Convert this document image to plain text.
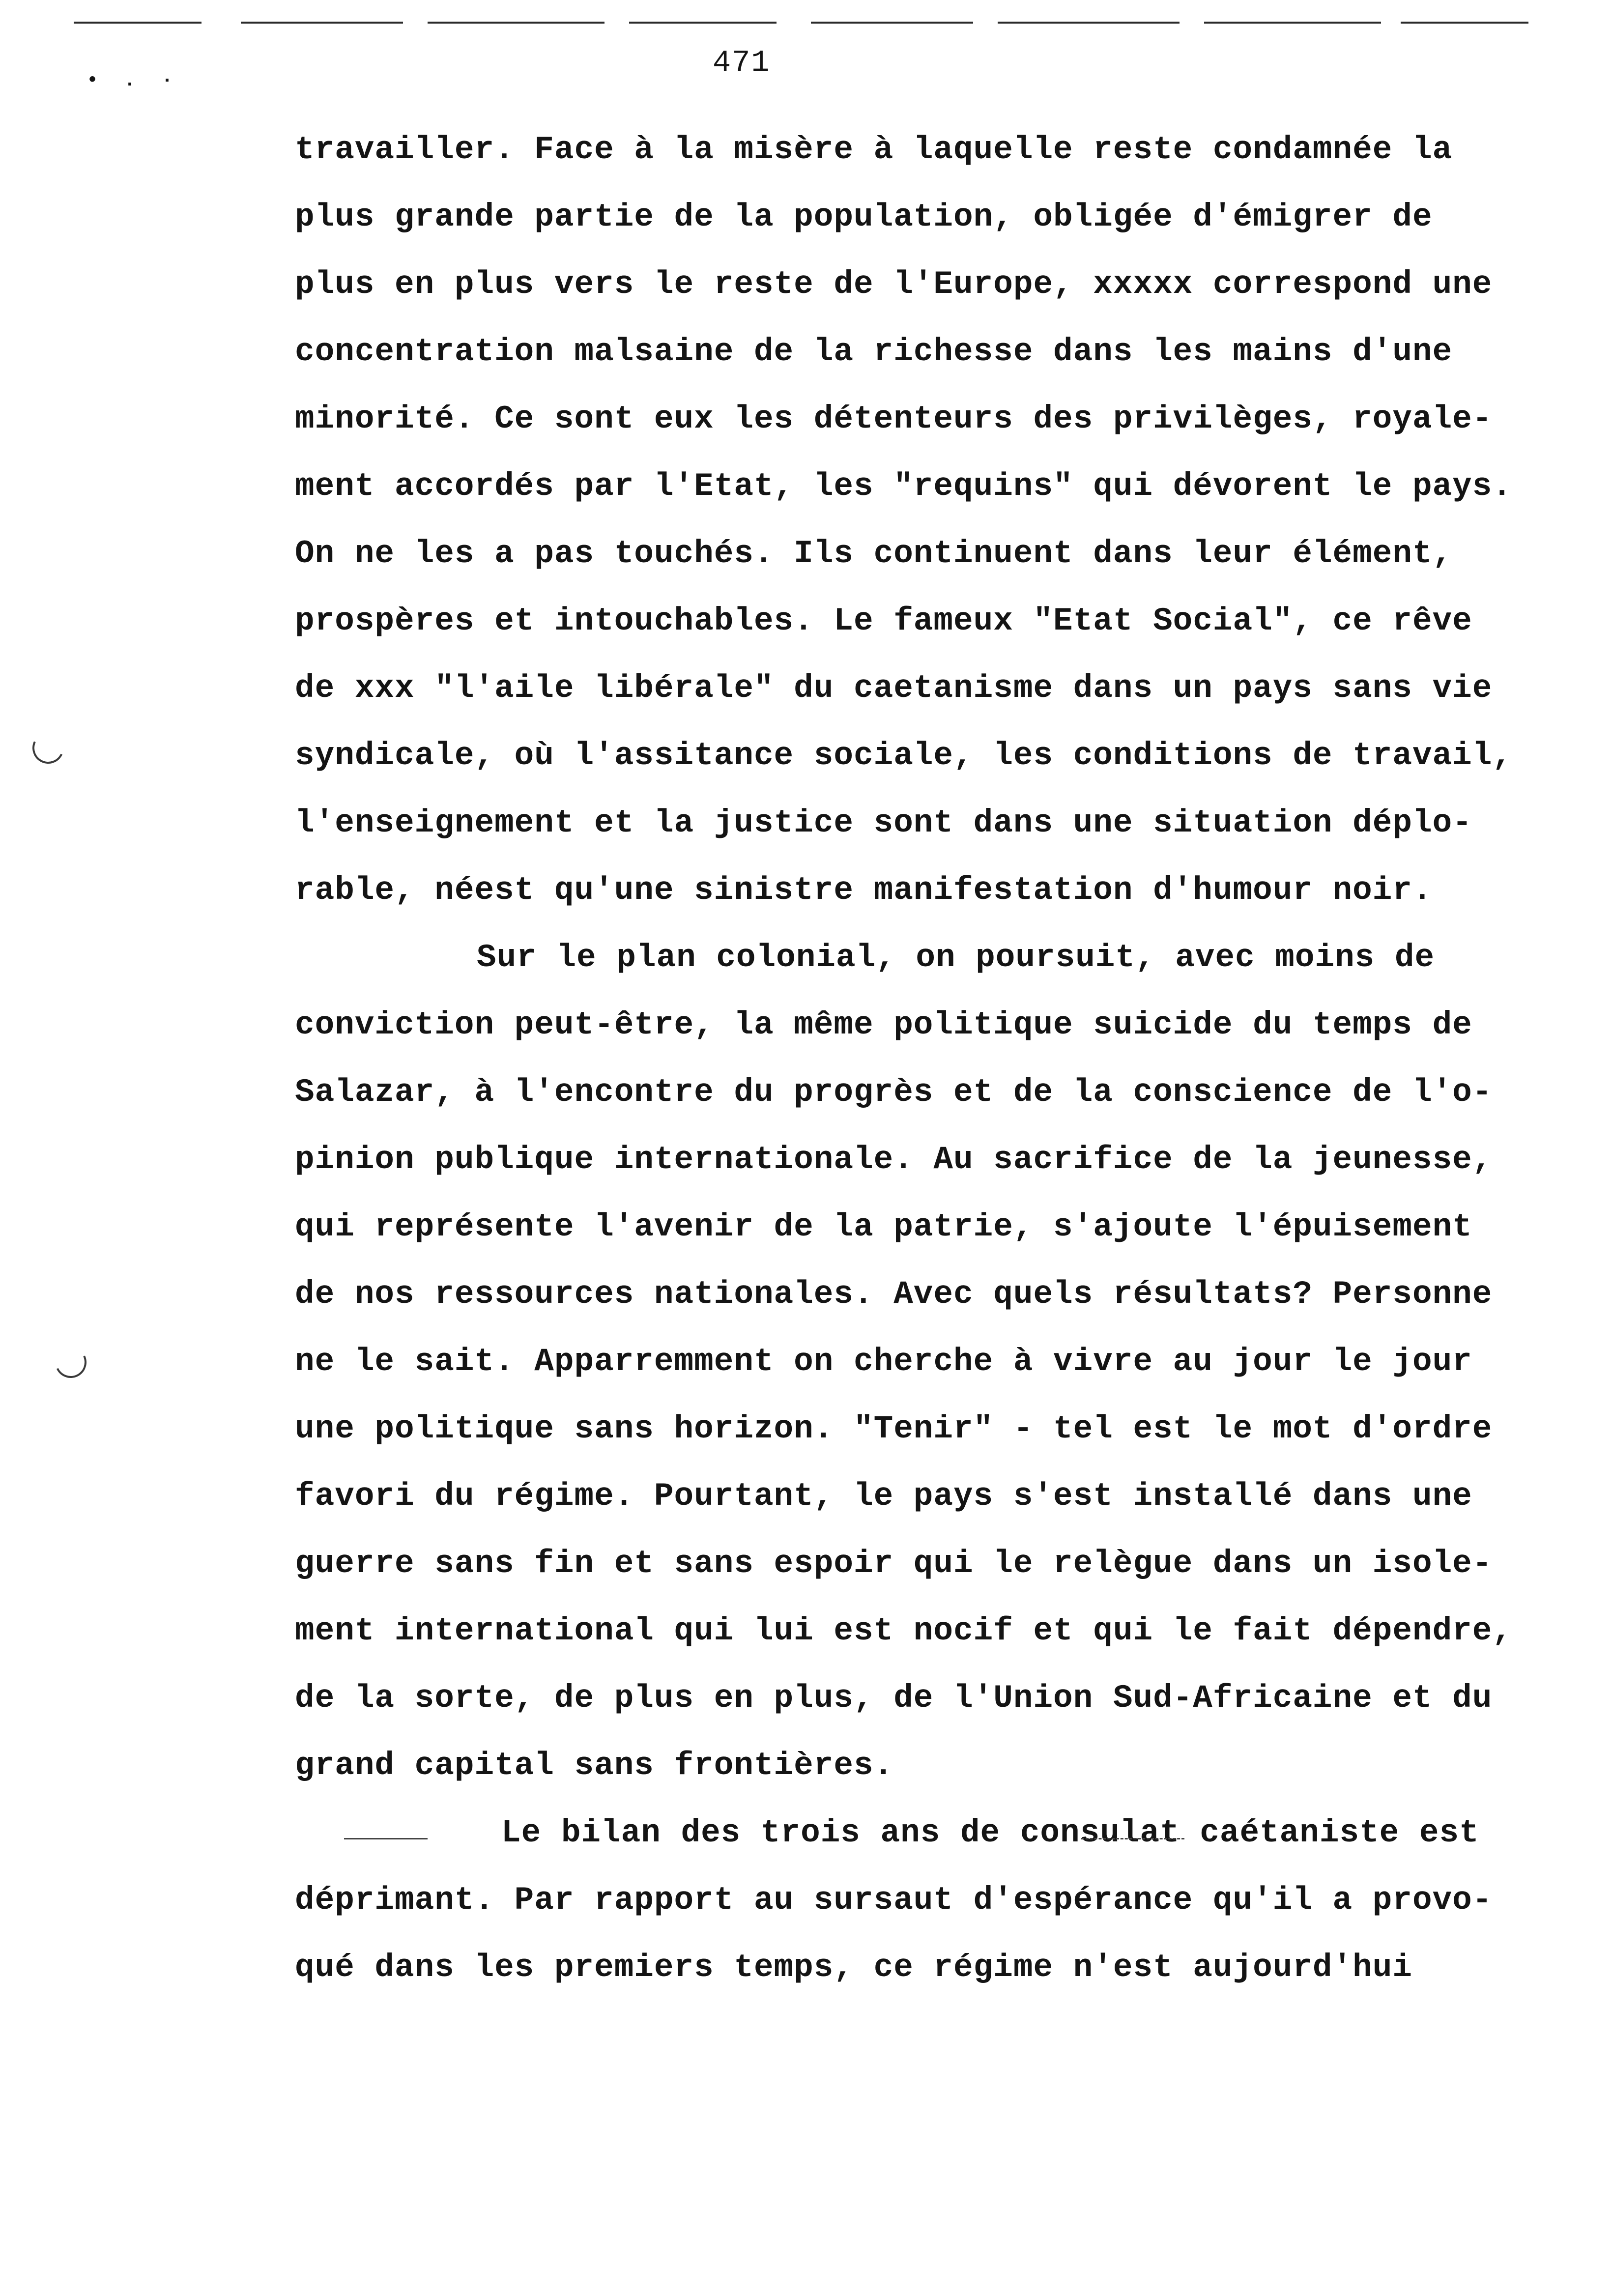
471
• . ·
travailler. Face à la misère à laquelle reste condamnée la
plus grande partie de la population, obligée d'émigrer de
plus en plus vers le reste de l'Europe, xxxxx correspond une
concentration malsaine de la richesse dans les mains d'une
minorité. Ce sont eux les détenteurs des privilèges, royale-
ment accordés par l'Etat, les "requins" qui dévorent le pays.
On ne les a pas touchés. Ils continuent dans leur élément,
prospères et intouchables. Le fameux "Etat Social", ce rêve
de xxx "l'aile libérale" du caetanisme dans un pays sans vie
syndicale, où l'assitance sociale, les conditions de travail,
l'enseignement et la justice sont dans une situation déplo-
rable, néest qu'une sinistre manifestation d'humour noir.
Sur le plan colonial, on poursuit, avec moins de
conviction peut-être, la même politique suicide du temps de
Salazar, à l'encontre du progrès et de la conscience de l'o-
pinion publique internationale. Au sacrifice de la jeunesse,
qui représente l'avenir de la patrie, s'ajoute l'épuisement
de nos ressources nationales. Avec quels résultats? Personne
ne le sait. Apparremment on cherche à vivre au jour le jour
une politique sans horizon. "Tenir" - tel est le mot d'ordre
favori du régime. Pourtant, le pays s'est installé dans une
guerre sans fin et sans espoir qui le relègue dans un isole-
ment international qui lui est nocif et qui le fait dépendre,
de la sorte, de plus en plus, de l'Union Sud-Africaine et du
grand capital sans frontières.
Le bilan des trois ans de consulat caétaniste est
déprimant. Par rapport au sursaut d'espérance qu'il a provo-
qué dans les premiers temps, ce régime n'est aujourd'hui
